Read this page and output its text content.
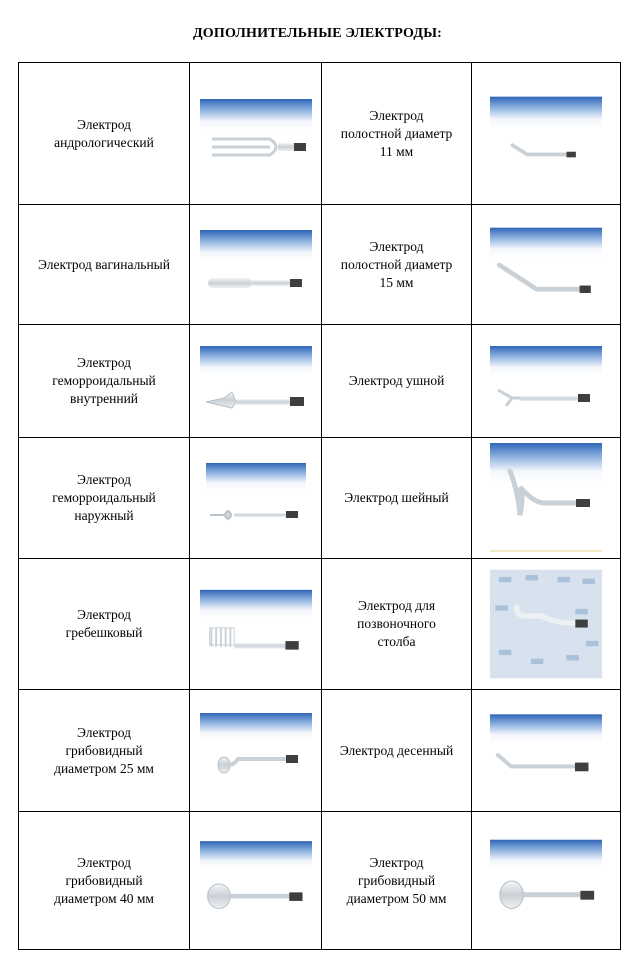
ДОПОЛНИТЕЛЬНЫЕ ЭЛЕКТРОДЫ:
Электрод
андрологический		Электрод
полостной диаметр
11 мм

Электрод вагинальный		Электрод
полостной диаметр
15 мм

Электрод
геморроидальный
внутренний		Электрод ушной

Электрод
геморроидальный
наружный		Электрод шейный

Электрод
гребешковый		Электрод для
позвоночного
столба

Электрод
грибовидный
диаметром 25 мм		Электрод десенный

Электрод
грибовидный
диаметром 40 мм		Электрод
грибовидный
диаметром 50 мм
